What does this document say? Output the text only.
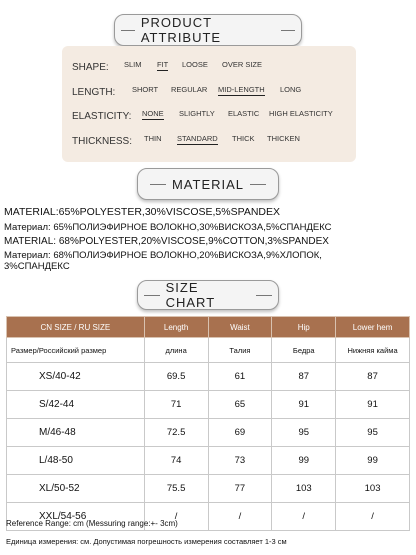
PRODUCT ATTRIBUTE
SHAPE: SLIM FIT LOOSE OVER SIZE
LENGTH: SHORT REGULAR MID-LENGTH LONG
ELASTICITY: NONE SLIGHTLY ELASTIC HIGH ELASTICITY
THICKNESS: THIN STANDARD THICK THICKEN
MATERIAL
MATERIAL:65%POLYESTER,30%VISCOSE,5%SPANDEX
Материал: 65%ПОЛИЭФИРНОЕ ВОЛОКНО,30%ВИСКОЗА,5%СПАНДЕКС
MATERIAL: 68%POLYESTER,20%VISCOSE,9%COTTON,3%SPANDEX
Материал: 68%ПОЛИЭФИРНОЕ ВОЛОКНО,20%ВИСКОЗА,9%ХЛОПОК,
3%СПАНДЕКС
SIZE CHART
CN SIZE / RU SIZE	Length	Waist	Hip	Lower hem
Размер/Российский размер	длина	Талия	Бедра	Нижняя кайма
XS/40-42	69.5	61	87	87
S/42-44	71	65	91	91
M/46-48	72.5	69	95	95
L/48-50	74	73	99	99
XL/50-52	75.5	77	103	103
XXL/54-56	/	/	/	/
Reference Range: cm (Messuring range:+- 3cm)
Единица измерения: см. Допустимая погрешность измерения составляет 1-3 см
